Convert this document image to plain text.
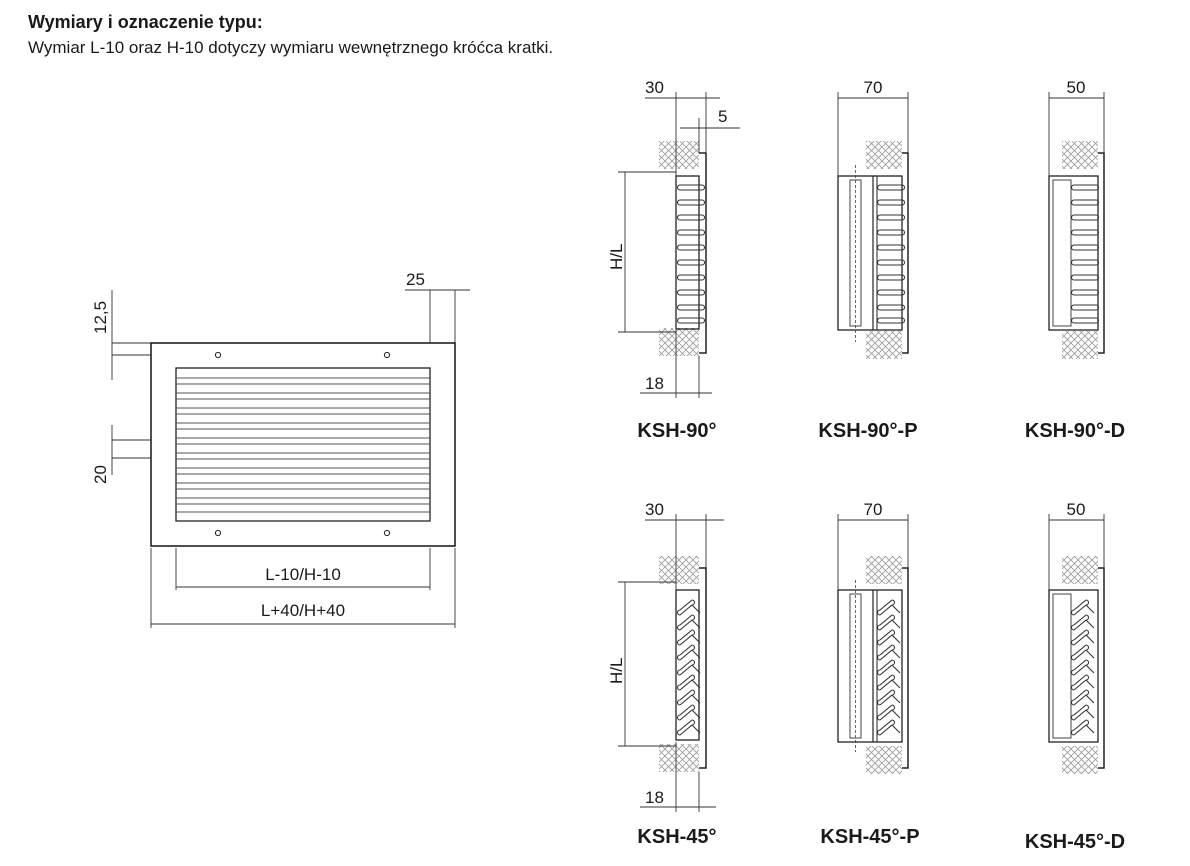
Wymiary i oznaczenie typu:
Wymiar L-10 oraz H-10 dotyczy wymiaru wewnętrznego króćca kratki.
12,5
20
25
L-10/H-10
L+40/H+40
30
5
H/L
18
KSH-90°
70
KSH-90°-P
50
KSH-90°-D
30
H/L
18
KSH-45°
70
KSH-45°-P
50
KSH-45°-D
